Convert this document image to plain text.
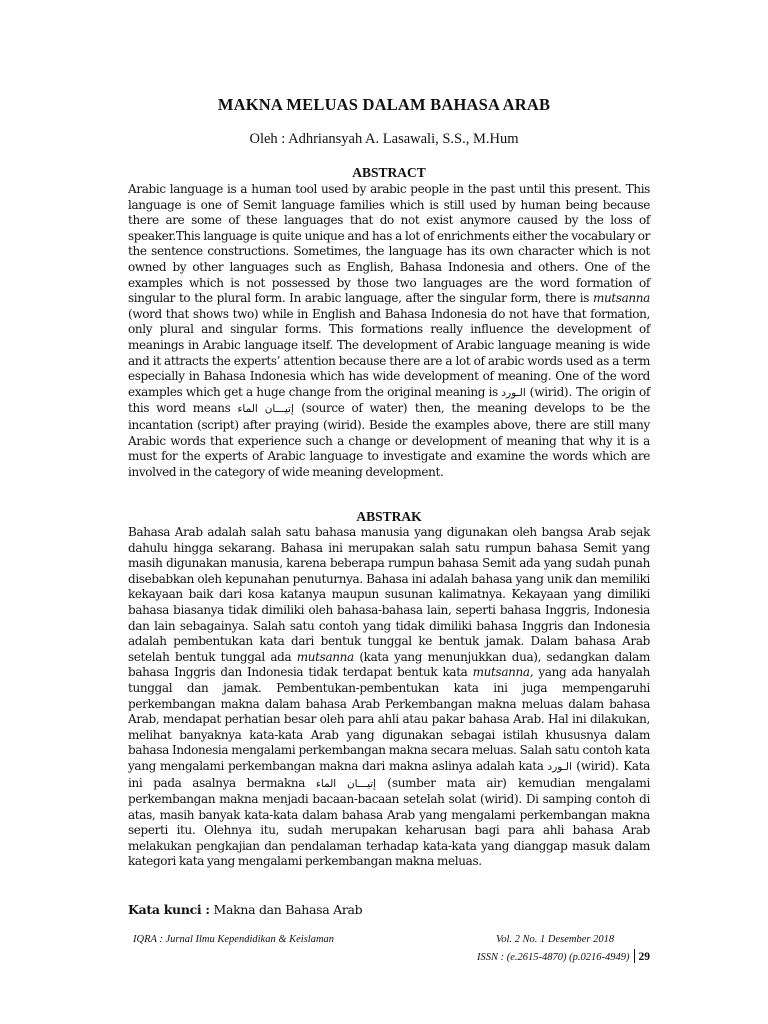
MAKNA MELUAS DALAM BAHASA ARAB
Oleh : Adhriansyah A. Lasawali, S.S., M.Hum
ABSTRACT

Arabic language is a human tool used by arabic people in the past until this present. This language is one of Semit language families which is still used by human being because there are some of these languages that do not exist anymore caused by the loss of speaker.This language is quite unique and has a lot of enrichments either the vocabulary or the sentence constructions. Sometimes, the language has its own character which is not owned by other languages such as English, Bahasa Indonesia and others. One of the examples which is not possessed by those two languages are the word formation of singular to the plural form. In arabic language, after the singular form, there is mutsanna (word that shows two) while in English and Bahasa Indonesia do not have that formation, only plural and singular forms. This formations really influence the development of meanings in Arabic language itself. The development of Arabic language meaning is wide and it attracts the experts’ attention because there are a lot of arabic words used as a term especially in Bahasa Indonesia which has wide development of meaning. One of the word examples which get a huge change from the original meaning is الـورد (wirid). The origin of this word means إتيـــان الماء (source of water) then, the meaning develops to be the incantation (script) after praying (wirid). Beside the examples above, there are still many Arabic words that experience such a change or development of meaning that why it is a must for the experts of Arabic language to investigate and examine the words which are involved in the category of wide meaning development.

ABSTRAK

Bahasa Arab adalah salah satu bahasa manusia yang digunakan oleh bangsa Arab sejak dahulu hingga sekarang. Bahasa ini merupakan salah satu rumpun bahasa Semit yang masih digunakan manusia, karena beberapa rumpun bahasa Semit ada yang sudah punah disebabkan oleh kepunahan penuturnya. Bahasa ini adalah bahasa yang unik dan memiliki kekayaan baik dari kosa katanya maupun susunan kalimatnya. Kekayaan yang dimiliki bahasa biasanya tidak dimiliki oleh bahasa-bahasa lain, seperti bahasa Inggris, Indonesia dan lain sebagainya. Salah satu contoh yang tidak dimiliki bahasa Inggris dan Indonesia adalah pembentukan kata dari bentuk tunggal ke bentuk jamak. Dalam bahasa Arab setelah bentuk tunggal ada mutsanna (kata yang menunjukkan dua), sedangkan dalam bahasa Inggris dan Indonesia tidak terdapat bentuk kata mutsanna, yang ada hanyalah tunggal dan jamak. Pembentukan-pembentukan kata ini juga mempengaruhi perkembangan makna dalam bahasa Arab Perkembangan makna meluas dalam bahasa Arab, mendapat perhatian besar oleh para ahli atau pakar bahasa Arab. Hal ini dilakukan, melihat banyaknya kata-kata Arab yang digunakan sebagai istilah khususnya dalam bahasa Indonesia mengalami perkembangan makna secara meluas. Salah satu contoh kata yang mengalami perkembangan makna dari makna aslinya adalah kata الـورد (wirid). Kata ini pada asalnya bermakna إتيـــان الماء (sumber mata air) kemudian mengalami perkembangan makna menjadi bacaan-bacaan setelah solat (wirid). Di samping contoh di atas, masih banyak kata-kata dalam bahasa Arab yang mengalami perkembangan makna seperti itu. Olehnya itu, sudah merupakan keharusan bagi para ahli bahasa Arab melakukan pengkajian dan pendalaman terhadap kata-kata yang dianggap masuk dalam kategori kata yang mengalami perkembangan makna meluas.

Kata kunci : Makna dan Bahasa Arab
IQRA : Jurnal Ilmu Kependidikan & Keislaman	Vol. 2 No. 1 Desember 2018
ISSN : (e.2615-4870) (p.0216-4949) 29
